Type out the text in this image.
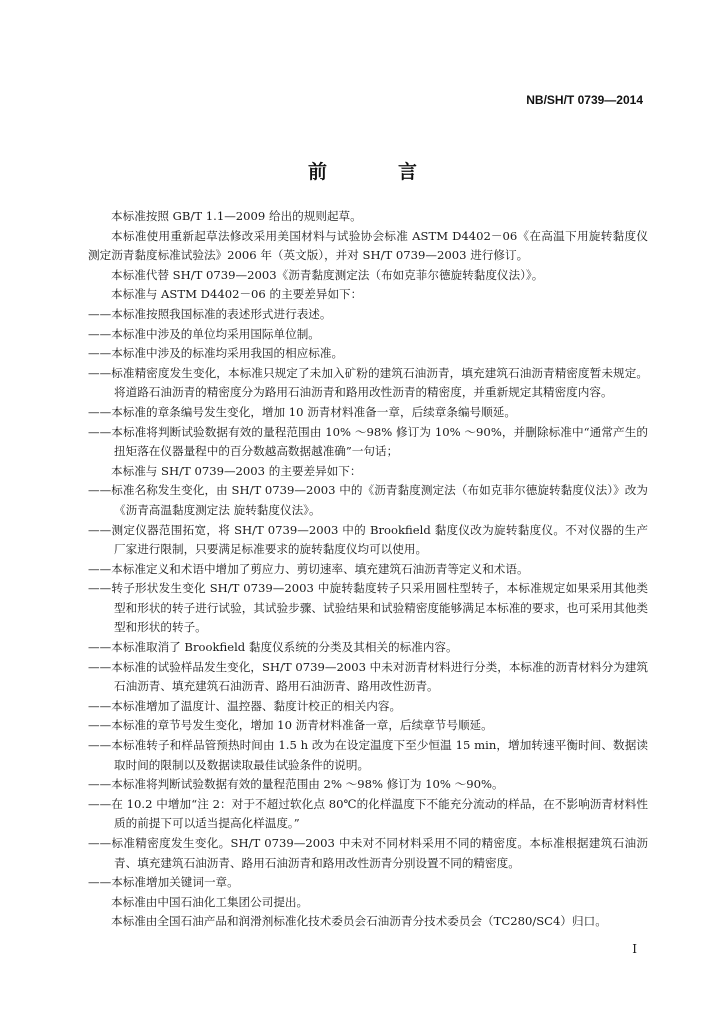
NB/SH/T 0739—2014
前　言

本标准按照 GB/T 1.1—2009 给出的规则起草。

本标准使用重新起草法修改采用美国材料与试验协会标准 ASTM D4402－06《在高温下用旋转黏度仪测定沥青黏度标准试验法》2006 年（英文版），并对 SH/T 0739—2003 进行修订。

本标准代替 SH/T 0739—2003《沥青黏度测定法（布如克菲尔德旋转黏度仪法）》。

本标准与 ASTM D4402－06 的主要差异如下：

——本标准按照我国标准的表述形式进行表述。

——本标准中涉及的单位均采用国际单位制。

——本标准中涉及的标准均采用我国的相应标准。

——标准精密度发生变化，本标准只规定了未加入矿粉的建筑石油沥青，填充建筑石油沥青精密度暂未规定。将道路石油沥青的精密度分为路用石油沥青和路用改性沥青的精密度，并重新规定其精密度内容。

——本标准的章条编号发生变化，增加 10 沥青材料准备一章，后续章条编号顺延。

——本标准将判断试验数据有效的量程范围由 10% ～98% 修订为 10% ～90%，并删除标准中“通常产生的扭矩落在仪器量程中的百分数越高数据越准确”一句话；

本标准与 SH/T 0739—2003 的主要差异如下：

——标准名称发生变化，由 SH/T 0739—2003 中的《沥青黏度测定法（布如克菲尔德旋转黏度仪法）》改为《沥青高温黏度测定法 旋转黏度仪法》。

——测定仪器范围拓宽，将 SH/T 0739—2003 中的 Brookfield 黏度仪改为旋转黏度仪。不对仪器的生产厂家进行限制，只要满足标准要求的旋转黏度仪均可以使用。

——本标准定义和术语中增加了剪应力、剪切速率、填充建筑石油沥青等定义和术语。

——转子形状发生变化 SH/T 0739—2003 中旋转黏度转子只采用圆柱型转子，本标准规定如果采用其他类型和形状的转子进行试验，其试验步骤、试验结果和试验精密度能够满足本标准的要求，也可采用其他类型和形状的转子。

——本标准取消了 Brookfield 黏度仪系统的分类及其相关的标准内容。

——本标准的试验样品发生变化，SH/T 0739—2003 中未对沥青材料进行分类，本标准的沥青材料分为建筑石油沥青、填充建筑石油沥青、路用石油沥青、路用改性沥青。

——本标准增加了温度计、温控器、黏度计校正的相关内容。

——本标准的章节号发生变化，增加 10 沥青材料准备一章，后续章节号顺延。

——本标准转子和样品管预热时间由 1.5 h 改为在设定温度下至少恒温 15 min，增加转速平衡时间、数据读取时间的限制以及数据读取最佳试验条件的说明。

——本标准将判断试验数据有效的量程范围由 2% ～98% 修订为 10% ～90%。

——在 10.2 中增加“注 2：对于不超过软化点 80℃的化样温度下不能充分流动的样品，在不影响沥青材料性质的前提下可以适当提高化样温度。”

——标准精密度发生变化。SH/T 0739—2003 中未对不同材料采用不同的精密度。本标准根据建筑石油沥青、填充建筑石油沥青、路用石油沥青和路用改性沥青分别设置不同的精密度。

——本标准增加关键词一章。

本标准由中国石油化工集团公司提出。

本标准由全国石油产品和润滑剂标准化技术委员会石油沥青分技术委员会（TC280/SC4）归口。

I
